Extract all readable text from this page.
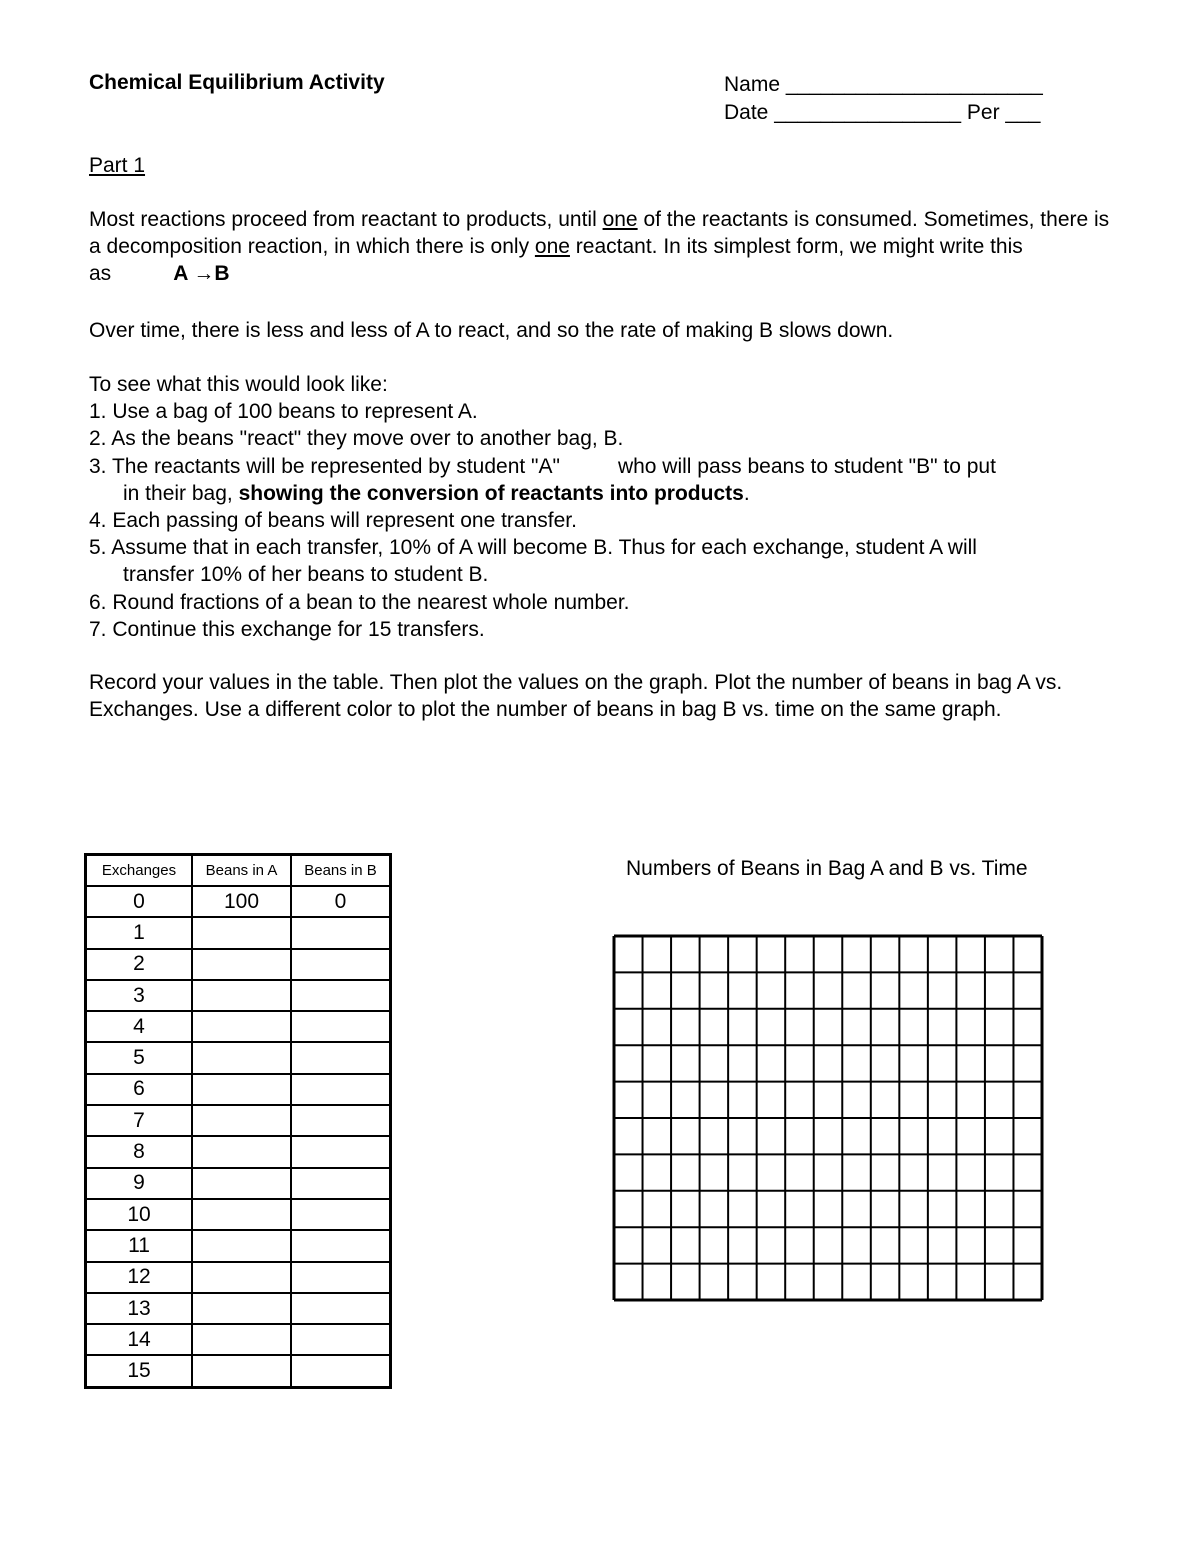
Chemical Equilibrium Activity	Name ______________________
Date ________________ Per ___
Part 1
Most reactions proceed from reactant to products, until one of the reactants is consumed. Sometimes, there is a decomposition reaction, in which there is only one reactant. In its simplest form, we might write this as	A →B
Over time, there is less and less of A to react, and so the rate of making B slows down.
To see what this would look like:
1. Use a bag of 100 beans to represent A.
2. As the beans "react" they move over to another bag, B.
3. The reactants will be represented by student "A"	who will pass beans to student "B" to put
in their bag, showing the conversion of reactants into products.
4. Each passing of beans will represent one transfer.
5. Assume that in each transfer, 10% of A will become B. Thus for each exchange, student A will
transfer 10% of her beans to student B.
6. Round fractions of a bean to the nearest whole number.
7. Continue this exchange for 15 transfers.
Record your values in the table. Then plot the values on the graph. Plot the number of beans in bag A vs. Exchanges. Use a different color to plot the number of beans in bag B vs. time on the same graph.
Exchanges	Beans in A	Beans in B
0	100	0
1		
2		
3		
4		
5		
6		
7		
8		
9		
10		
11		
12		
13		
14		
15		
Numbers of Beans in Bag A and B vs. Time
